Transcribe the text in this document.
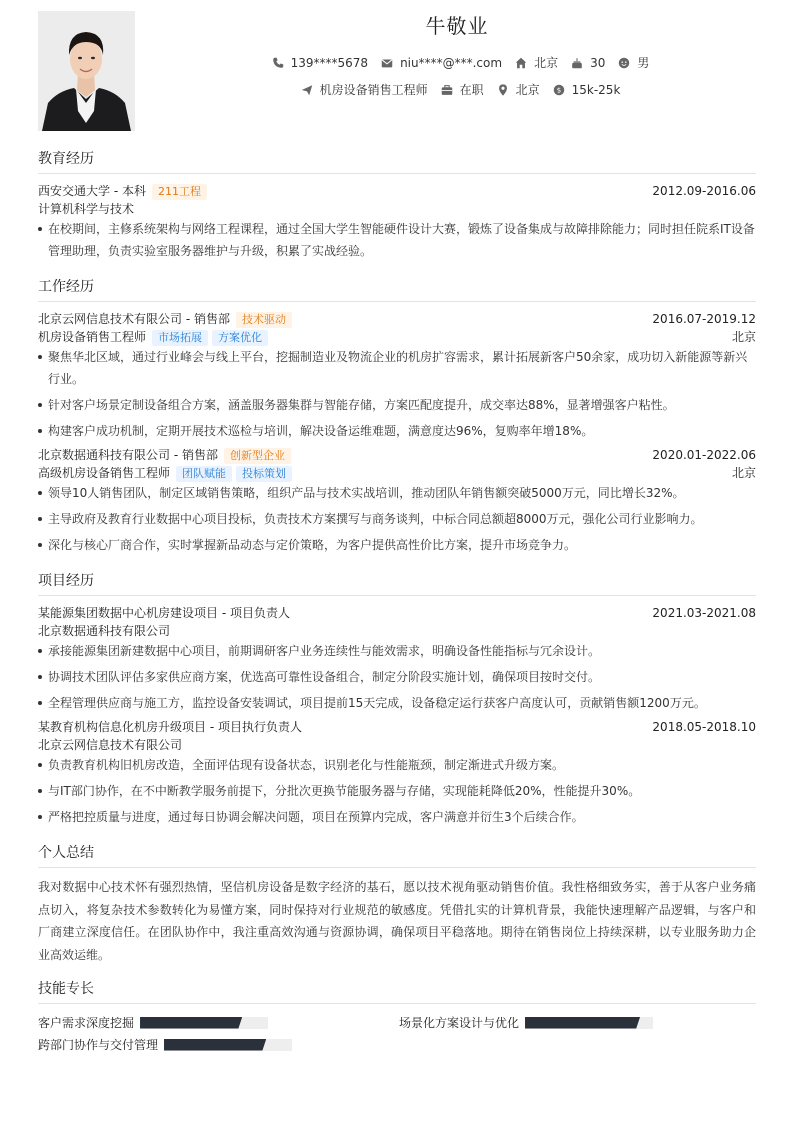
牛敬业
139****5678	niu****@***.com	北京	30	男
机房设备销售工程师	在职	北京 $ 15k-25k
教育经历
西安交通大学 - 本科 211工程	2012.09-2016.06
计算机科学与技术
在校期间，主修系统架构与网络工程课程，通过全国大学生智能硬件设计大赛，锻炼了设备集成与故障排除能力；同时担任院系IT设备管理助理，负责实验室服务器维护与升级，积累了实战经验。
工作经历
北京云网信息技术有限公司 - 销售部 技术驱动	2016.07-2019.12
机房设备销售工程师 市场拓展 方案优化	北京
聚焦华北区域，通过行业峰会与线上平台，挖掘制造业及物流企业的机房扩容需求，累计拓展新客户50余家，成功切入新能源等新兴行业。
针对客户场景定制设备组合方案，涵盖服务器集群与智能存储，方案匹配度提升，成交率达88%，显著增强客户粘性。
构建客户成功机制，定期开展技术巡检与培训，解决设备运维难题，满意度达96%，复购率年增18%。
北京数据通科技有限公司 - 销售部 创新型企业	2020.01-2022.06
高级机房设备销售工程师 团队赋能 投标策划	北京
领导10人销售团队，制定区域销售策略，组织产品与技术实战培训，推动团队年销售额突破5000万元，同比增长32%。
主导政府及教育行业数据中心项目投标，负责技术方案撰写与商务谈判，中标合同总额超8000万元，强化公司行业影响力。
深化与核心厂商合作，实时掌握新品动态与定价策略，为客户提供高性价比方案，提升市场竞争力。
项目经历
某能源集团数据中心机房建设项目 - 项目负责人	2021.03-2021.08
北京数据通科技有限公司
承接能源集团新建数据中心项目，前期调研客户业务连续性与能效需求，明确设备性能指标与冗余设计。
协调技术团队评估多家供应商方案，优选高可靠性设备组合，制定分阶段实施计划，确保项目按时交付。
全程管理供应商与施工方，监控设备安装调试，项目提前15天完成，设备稳定运行获客户高度认可，贡献销售额1200万元。
某教育机构信息化机房升级项目 - 项目执行负责人	2018.05-2018.10
北京云网信息技术有限公司
负责教育机构旧机房改造，全面评估现有设备状态，识别老化与性能瓶颈，制定渐进式升级方案。
与IT部门协作，在不中断教学服务前提下，分批次更换节能服务器与存储，实现能耗降低20%，性能提升30%。
严格把控质量与进度，通过每日协调会解决问题，项目在预算内完成，客户满意并衍生3个后续合作。
个人总结
我对数据中心技术怀有强烈热情，坚信机房设备是数字经济的基石，愿以技术视角驱动销售价值。我性格细致务实，善于从客户业务痛点切入，将复杂技术参数转化为易懂方案，同时保持对行业规范的敏感度。凭借扎实的计算机背景，我能快速理解产品逻辑，与客户和厂商建立深度信任。在团队协作中，我注重高效沟通与资源协调，确保项目平稳落地。期待在销售岗位上持续深耕，以专业服务助力企业高效运维。
技能专长
客户需求深度挖掘	场景化方案设计与优化
跨部门协作与交付管理
